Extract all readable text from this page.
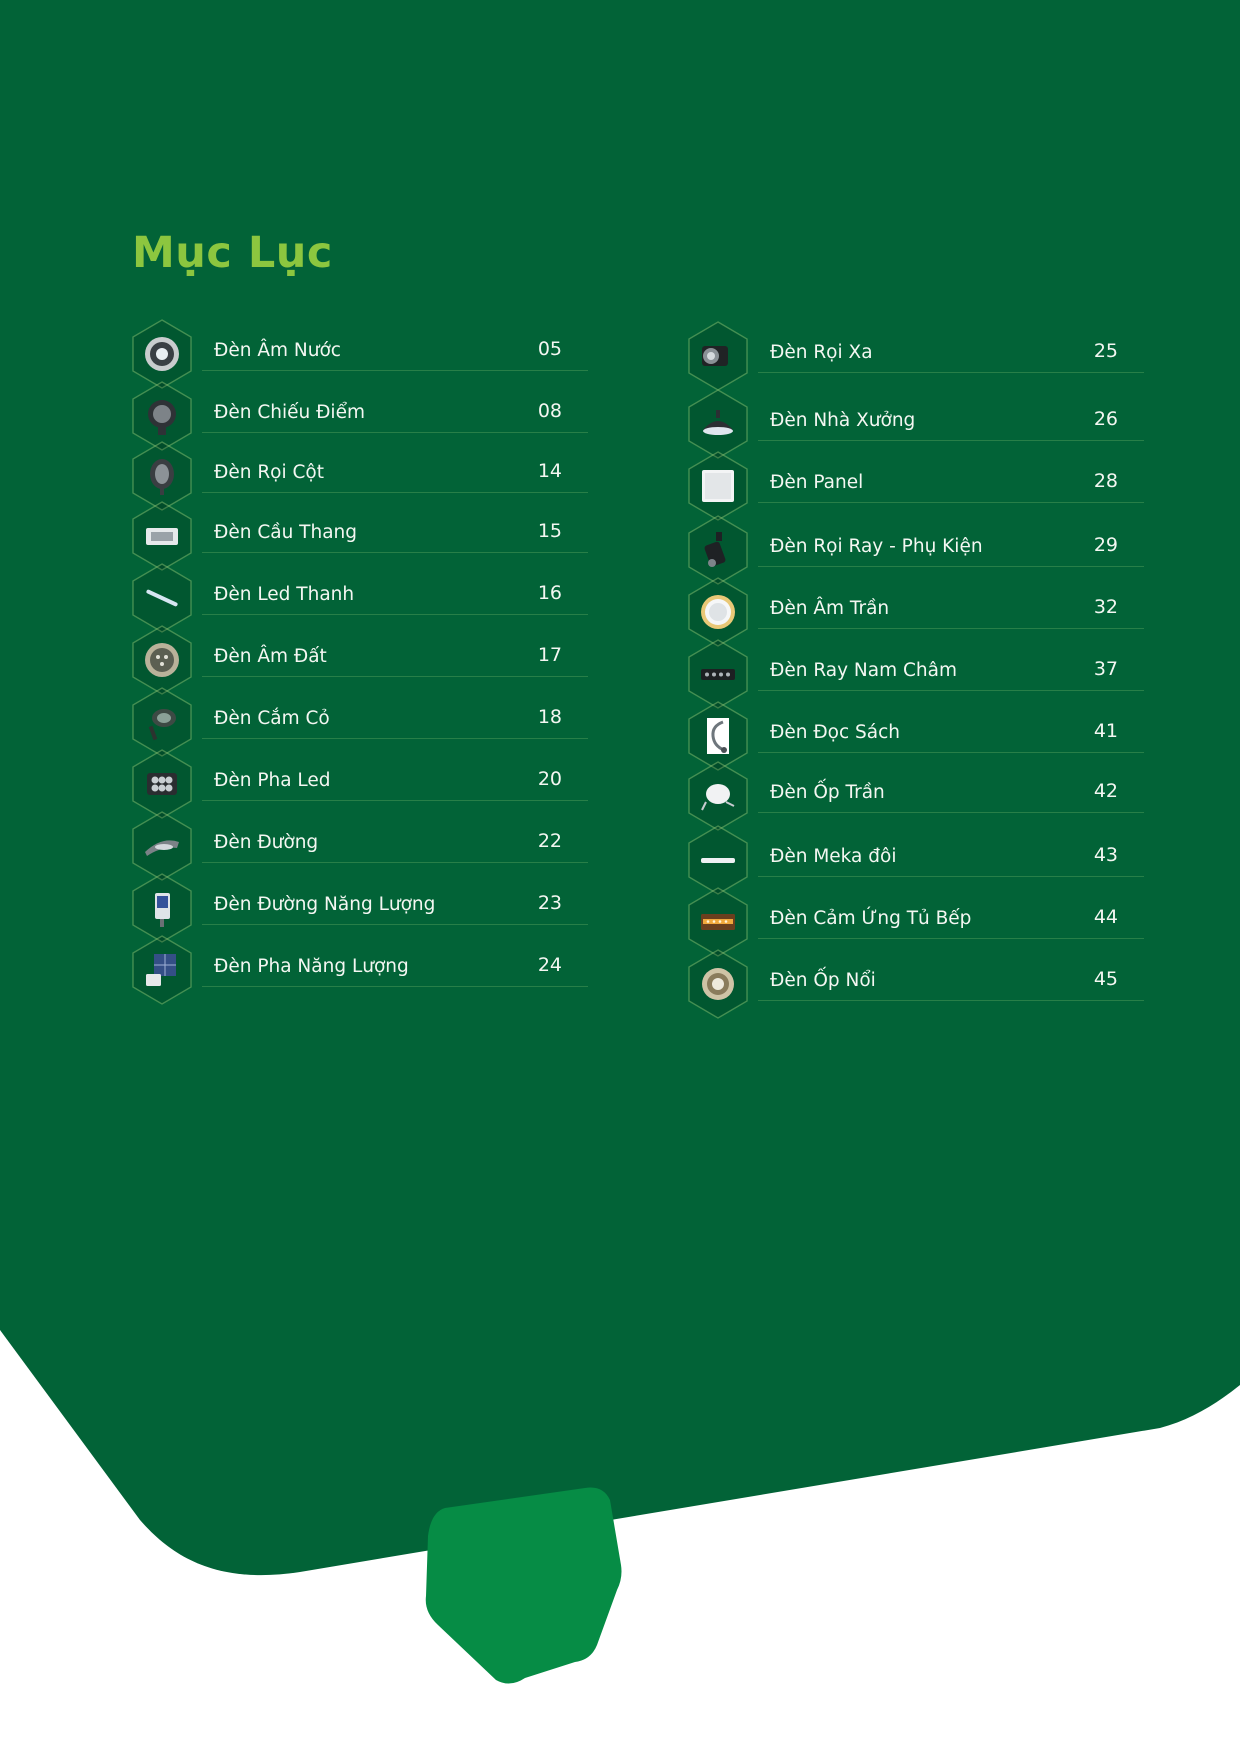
Mục Lục
Đèn Âm Nước	05
Đèn Chiếu Điểm	08
Đèn Rọi Cột	14
Đèn Cầu Thang	15
Đèn Led Thanh	16
Đèn Âm Đất	17
Đèn Cắm Cỏ	18
Đèn Pha Led	20
Đèn Đường	22
Đèn Đường Năng Lượng	23
Đèn Pha Năng Lượng	24
Đèn Rọi Xa	25
Đèn Nhà Xưởng	26
Đèn Panel	28
Đèn Rọi Ray - Phụ Kiện	29
Đèn Âm Trần	32
Đèn Ray Nam Châm	37
Đèn Đọc Sách	41
Đèn Ốp Trần	42
Đèn Meka đôi	43
Đèn Cảm Ứng Tủ Bếp	44
Đèn Ốp Nổi	45
